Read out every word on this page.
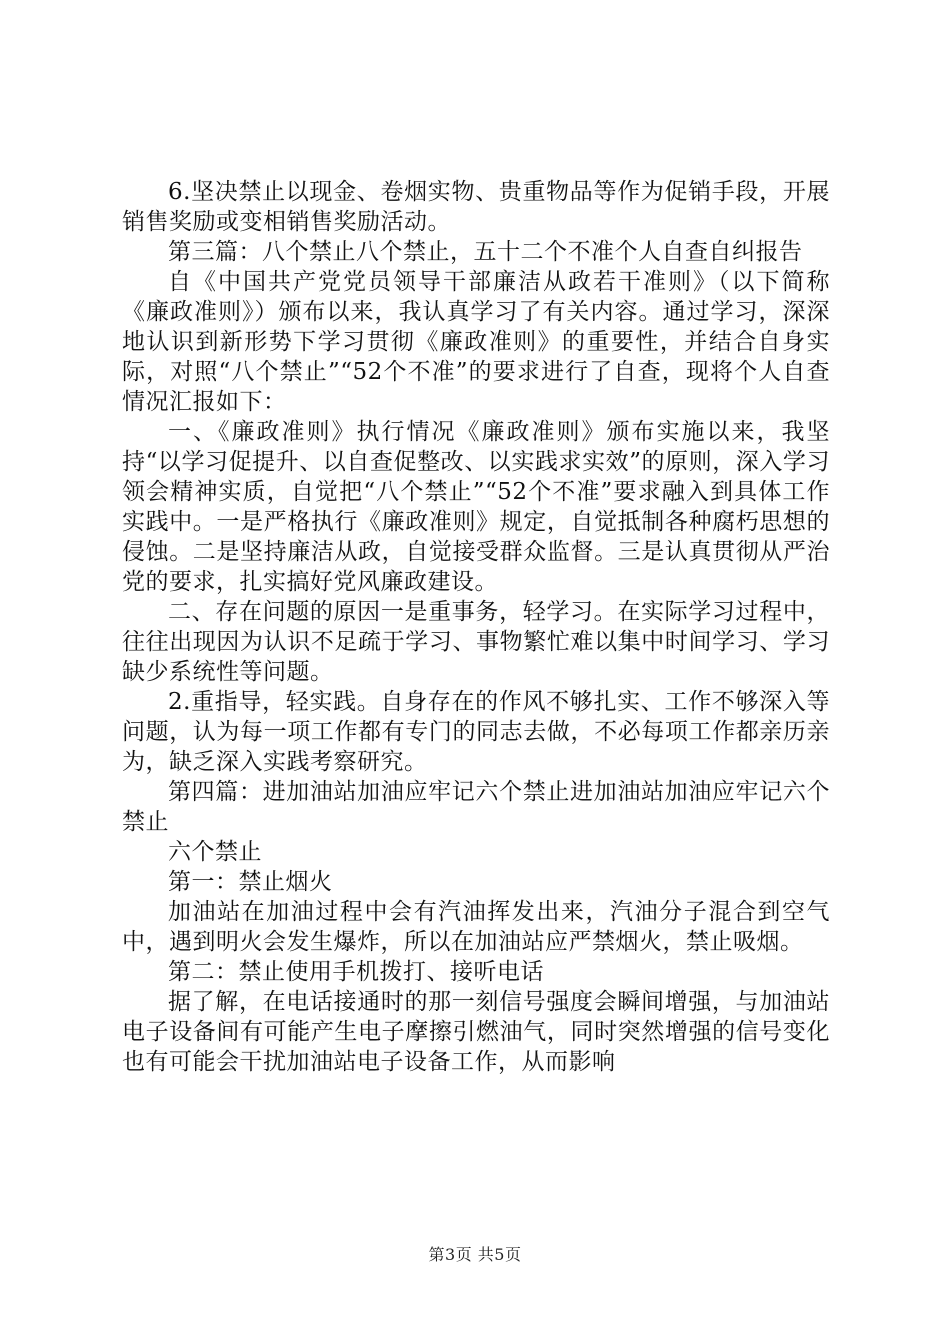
6.坚决禁止以现金、卷烟实物、贵重物品等作为促销手段，开展销售奖励或变相销售奖励活动。

第三篇：八个禁止八个禁止，五十二个不准个人自查自纠报告

自《中国共产党党员领导干部廉洁从政若干准则》（以下简称《廉政准则》）颁布以来，我认真学习了有关内容。通过学习，深深地认识到新形势下学习贯彻《廉政准则》的重要性，并结合自身实际，对照“八个禁止”“52个不准”的要求进行了自查，现将个人自查情况汇报如下：

一、《廉政准则》执行情况《廉政准则》颁布实施以来，我坚持“以学习促提升、以自查促整改、以实践求实效”的原则，深入学习领会精神实质，自觉把“八个禁止”“52个不准”要求融入到具体工作实践中。一是严格执行《廉政准则》规定，自觉抵制各种腐朽思想的侵蚀。二是坚持廉洁从政，自觉接受群众监督。三是认真贯彻从严治党的要求，扎实搞好党风廉政建设。

二、存在问题的原因一是重事务，轻学习。在实际学习过程中，往往出现因为认识不足疏于学习、事物繁忙难以集中时间学习、学习缺少系统性等问题。

2.重指导，轻实践。自身存在的作风不够扎实、工作不够深入等问题，认为每一项工作都有专门的同志去做，不必每项工作都亲历亲为，缺乏深入实践考察研究。

第四篇：进加油站加油应牢记六个禁止进加油站加油应牢记六个禁止

六个禁止

第一：禁止烟火

加油站在加油过程中会有汽油挥发出来，汽油分子混合到空气中，遇到明火会发生爆炸，所以在加油站应严禁烟火，禁止吸烟。

第二：禁止使用手机拨打、接听电话

据了解，在电话接通时的那一刻信号强度会瞬间增强，与加油站电子设备间有可能产生电子摩擦引燃油气，同时突然增强的信号变化也有可能会干扰加油站电子设备工作，从而影响

第3页 共5页
